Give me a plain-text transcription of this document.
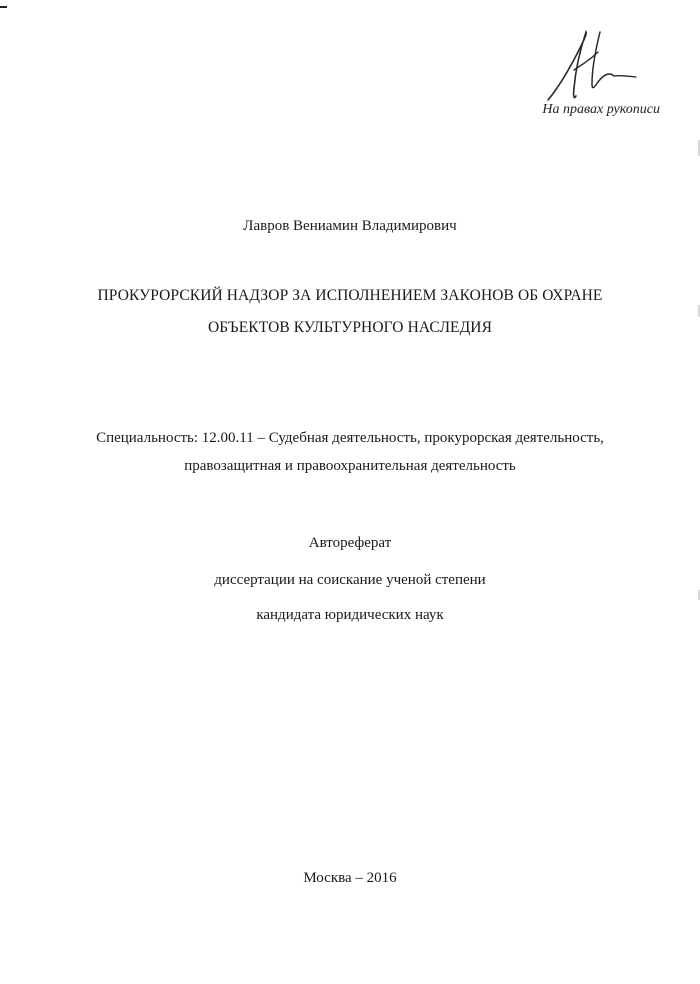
На правах рукописи
Лавров Вениамин Владимирович
ПРОКУРОРСКИЙ НАДЗОР ЗА ИСПОЛНЕНИЕМ ЗАКОНОВ ОБ ОХРАНЕ
ОБЪЕКТОВ КУЛЬТУРНОГО НАСЛЕДИЯ
Специальность: 12.00.11 – Судебная деятельность, прокурорская деятельность,
правозащитная и правоохранительная деятельность
Автореферат
диссертации на соискание ученой степени
кандидата юридических наук
Москва – 2016
